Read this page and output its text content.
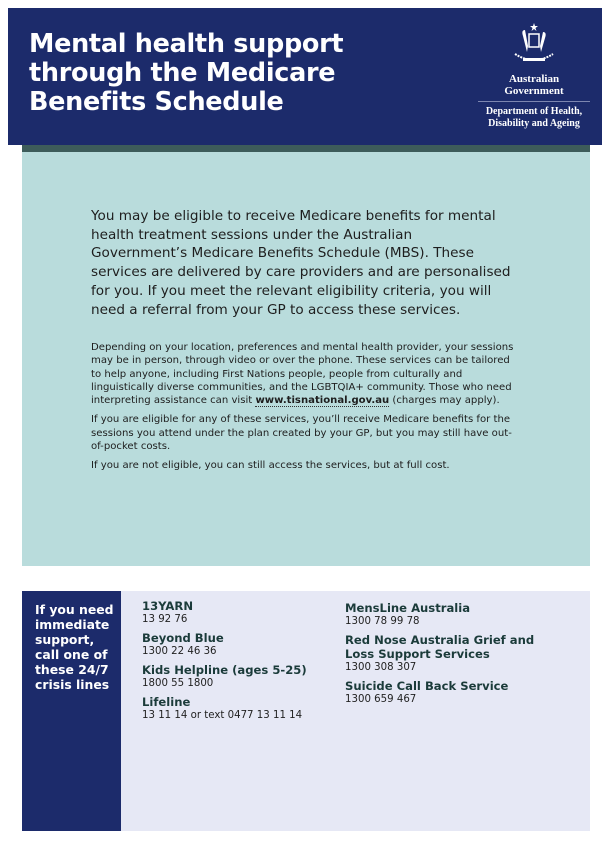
Mental health support
through the Medicare
Benefits Schedule
Australian Government
Department of Health,
Disability and Ageing

You may be eligible to receive Medicare benefits for mental health treatment sessions under the Australian Government’s Medicare Benefits Schedule (MBS). These services are delivered by care providers and are personalised for you. If you meet the relevant eligibility criteria, you will need a referral from your GP to access these services.

Depending on your location, preferences and mental health provider, your sessions may be in person, through video or over the phone. These services can be tailored to help anyone, including First Nations people, people from culturally and linguistically diverse communities, and the LGBTQIA+ community. Those who need interpreting assistance can visit www.tisnational.gov.au (charges may apply).

If you are eligible for any of these services, you’ll receive Medicare benefits for the sessions you attend under the plan created by your GP, but you may still have out-of-pocket costs.

If you are not eligible, you can still access the services, but at full cost.

If you need immediate support, call one of these 24/7 crisis lines
13YARN
13 92 76
Beyond Blue
1300 22 46 36
Kids Helpline (ages 5-25)
1800 55 1800
Lifeline
13 11 14 or text 0477 13 11 14
MensLine Australia
1300 78 99 78
Red Nose Australia Grief and Loss Support Services
1300 308 307
Suicide Call Back Service
1300 659 467
